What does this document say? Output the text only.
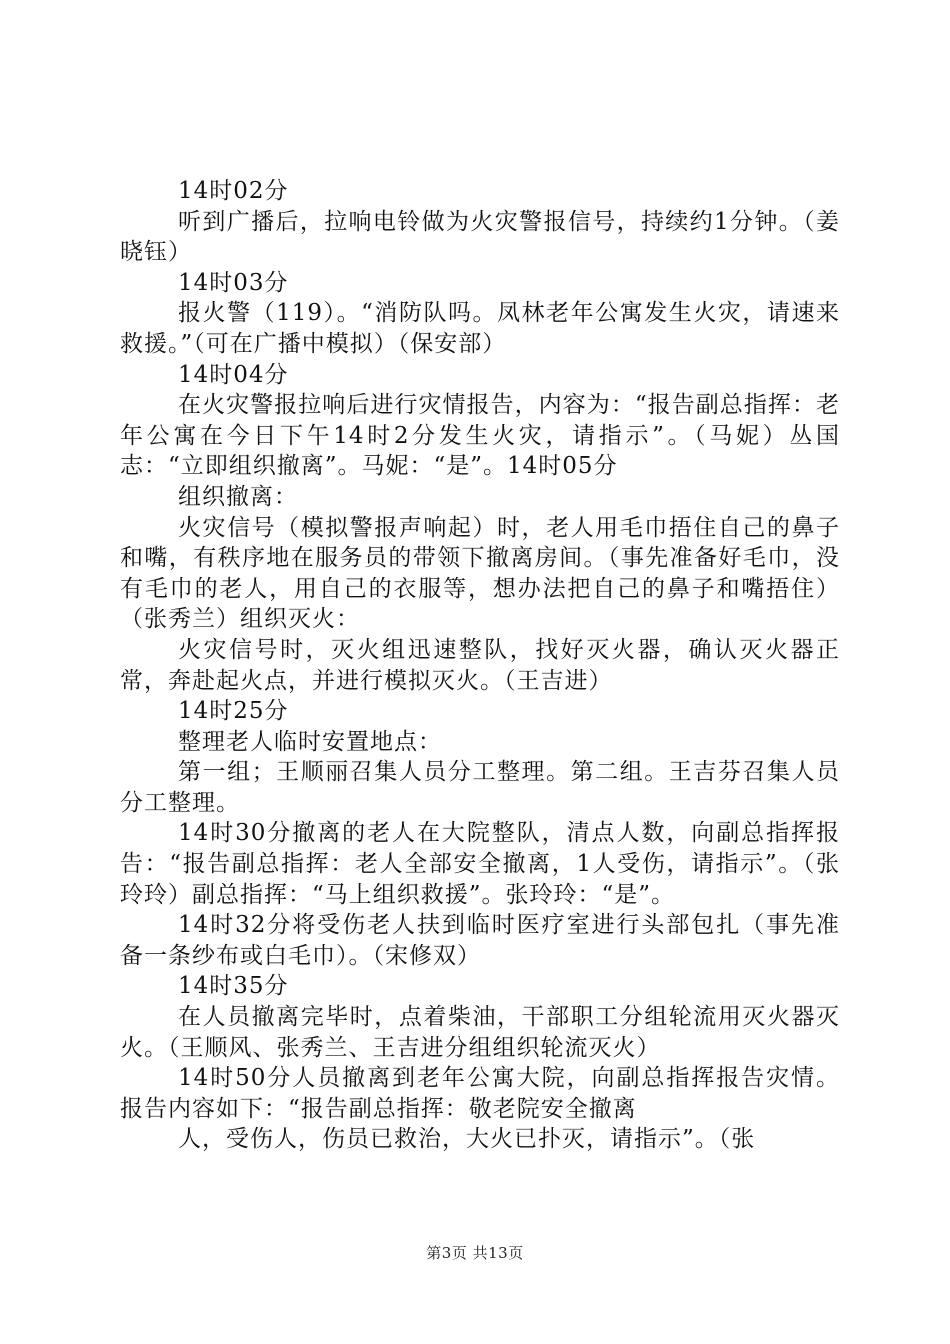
14时02分

听到广播后，拉响电铃做为火灾警报信号，持续约1分钟。（姜晓钰）

14时03分

报火警（119）。“消防队吗。凤林老年公寓发生火灾，请速来救援。”（可在广播中模拟）（保安部）

14时04分

在火灾警报拉响后进行灾情报告，内容为：“报告副总指挥：老年公寓在今日下午14时2分发生火灾，请指示”。（马妮）丛国志：“立即组织撤离”。马妮：“是”。14时05分

组织撤离：

火灾信号（模拟警报声响起）时，老人用毛巾捂住自己的鼻子和嘴，有秩序地在服务员的带领下撤离房间。（事先准备好毛巾，没有毛巾的老人，用自己的衣服等，想办法把自己的鼻子和嘴捂住）（张秀兰）组织灭火：

火灾信号时，灭火组迅速整队，找好灭火器，确认灭火器正常，奔赴起火点，并进行模拟灭火。（王吉进）

14时25分

整理老人临时安置地点：

第一组；王顺丽召集人员分工整理。第二组。王吉芬召集人员分工整理。

14时30分撤离的老人在大院整队，清点人数，向副总指挥报告：“报告副总指挥：老人全部安全撤离，1人受伤，请指示”。（张玲玲）副总指挥：“马上组织救援”。张玲玲：“是”。

14时32分将受伤老人扶到临时医疗室进行头部包扎（事先准备一条纱布或白毛巾）。（宋修双）

14时35分

在人员撤离完毕时，点着柴油，干部职工分组轮流用灭火器灭火。（王顺风、张秀兰、王吉进分组组织轮流灭火）

14时50分人员撤离到老年公寓大院，向副总指挥报告灾情。报告内容如下：“报告副总指挥：敬老院安全撤离

人，受伤人，伤员已救治，大火已扑灭，请指示”。（张

第3页 共13页
